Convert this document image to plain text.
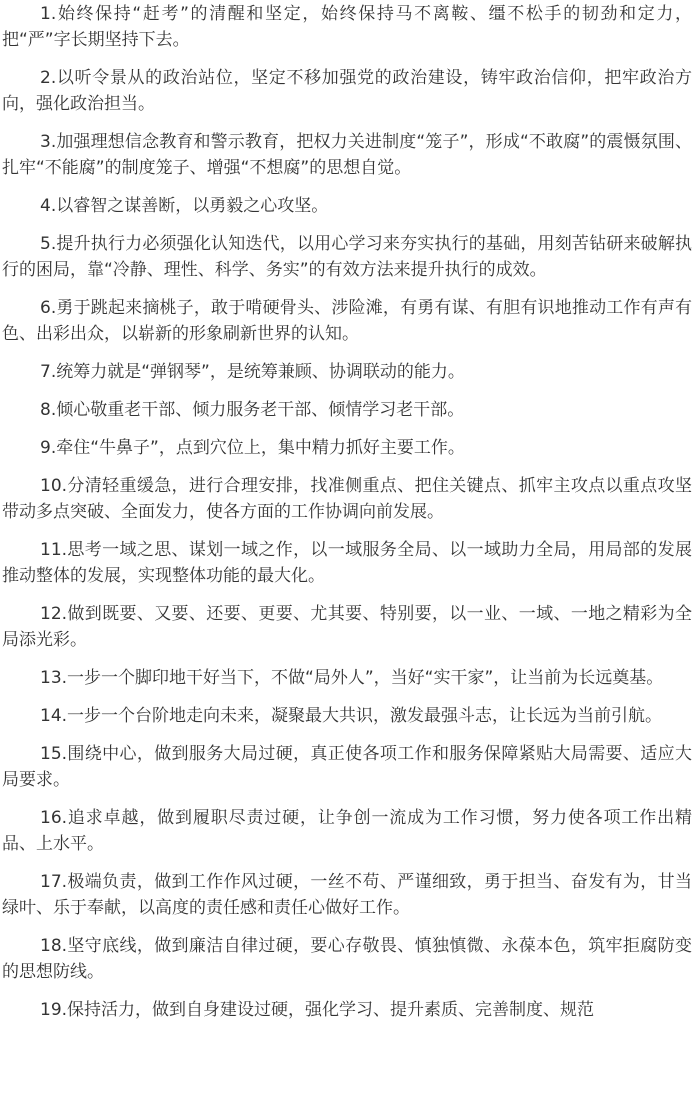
1.始终保持“赶考”的清醒和坚定，始终保持马不离鞍、缰不松手的韧劲和定力，把“严”字长期坚持下去。

2.以听令景从的政治站位，坚定不移加强党的政治建设，铸牢政治信仰，把牢政治方向，强化政治担当。

3.加强理想信念教育和警示教育，把权力关进制度“笼子”，形成“不敢腐”的震慑氛围、扎牢“不能腐”的制度笼子、增强“不想腐”的思想自觉。

4.以睿智之谋善断，以勇毅之心攻坚。

5.提升执行力必须强化认知迭代，以用心学习来夯实执行的基础，用刻苦钻研来破解执行的困局，靠“冷静、理性、科学、务实”的有效方法来提升执行的成效。

6.勇于跳起来摘桃子，敢于啃硬骨头、涉险滩，有勇有谋、有胆有识地推动工作有声有色、出彩出众，以崭新的形象刷新世界的认知。

7.统筹力就是“弹钢琴”，是统筹兼顾、协调联动的能力。

8.倾心敬重老干部、倾力服务老干部、倾情学习老干部。

9.牵住“牛鼻子”，点到穴位上，集中精力抓好主要工作。

10.分清轻重缓急，进行合理安排，找准侧重点、把住关键点、抓牢主攻点以重点攻坚带动多点突破、全面发力，使各方面的工作协调向前发展。

11.思考一域之思、谋划一域之作，以一域服务全局、以一域助力全局，用局部的发展推动整体的发展，实现整体功能的最大化。

12.做到既要、又要、还要、更要、尤其要、特别要，以一业、一域、一地之精彩为全局添光彩。

13.一步一个脚印地干好当下，不做“局外人”，当好“实干家”，让当前为长远奠基。

14.一步一个台阶地走向未来，凝聚最大共识，激发最强斗志，让长远为当前引航。

15.围绕中心，做到服务大局过硬，真正使各项工作和服务保障紧贴大局需要、适应大局要求。

16.追求卓越，做到履职尽责过硬，让争创一流成为工作习惯，努力使各项工作出精品、上水平。

17.极端负责，做到工作作风过硬，一丝不苟、严谨细致，勇于担当、奋发有为，甘当绿叶、乐于奉献，以高度的责任感和责任心做好工作。

18.坚守底线，做到廉洁自律过硬，要心存敬畏、慎独慎微、永葆本色，筑牢拒腐防变的思想防线。

19.保持活力，做到自身建设过硬，强化学习、提升素质、完善制度、规范
